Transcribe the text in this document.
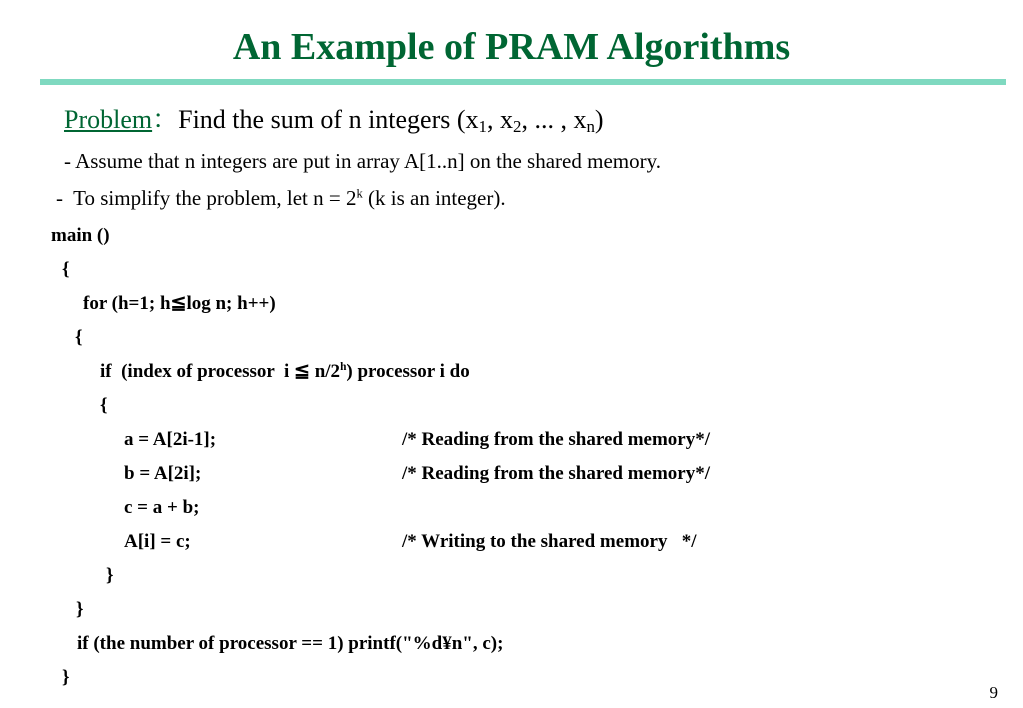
An Example of PRAM Algorithms
Problem：Find the sum of n integers ($x_1$, $x_2$, ... , $x_n$)
- Assume that n integers are put in array A[1..n] on the shared memory.
-  To simplify the problem, let $n = 2^k$ (k is an integer).
main ()
{
for (h=1; h≦log n; h++)
{
if  (index of processor  i ≦ n/2$^h$) processor i do
{
a = A[2i-1];	/* Reading from the shared memory*/
b = A[2i];	/* Reading from the shared memory*/
c = a + b;
A[i] = c;	/* Writing to the shared memory   */
}
}
if (the number of processor == 1) printf("%d¥n", c);
}
9
